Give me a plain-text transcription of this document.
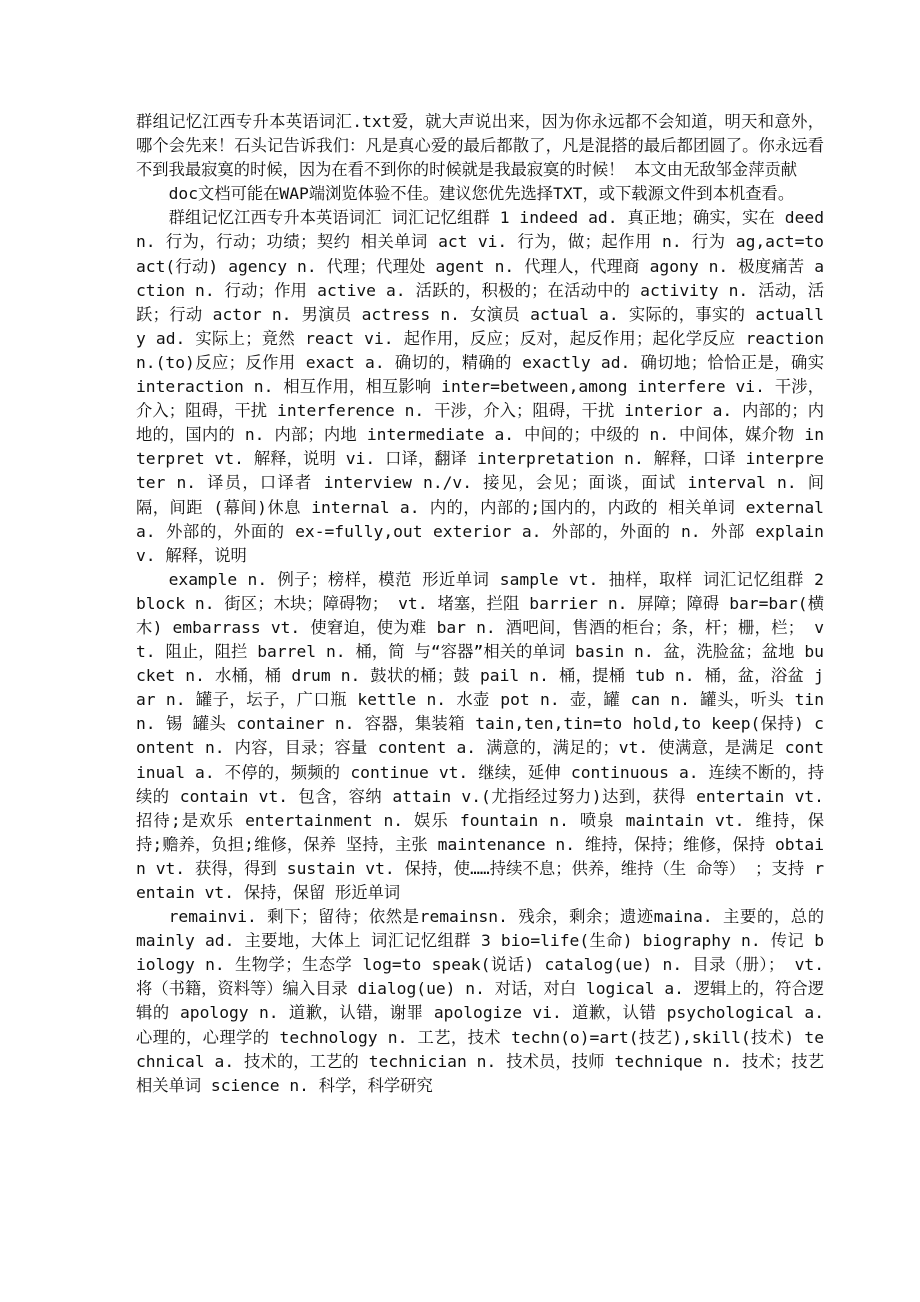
群组记忆江西专升本英语词汇.txt爱，就大声说出来，因为你永远都不会知道，明天和意外，哪个会先来！石头记告诉我们：凡是真心爱的最后都散了，凡是混搭的最后都团圆了。你永远看不到我最寂寞的时候，因为在看不到你的时候就是我最寂寞的时候！ 本文由无敌邹金萍贡献

doc文档可能在WAP端浏览体验不佳。建议您优先选择TXT，或下载源文件到本机查看。

群组记忆江西专升本英语词汇 词汇记忆组群 1 indeed ad. 真正地；确实，实在 deed n. 行为，行动；功绩；契约 相关单词 act vi. 行为，做；起作用 n. 行为 ag,act=to act(行动) agency n. 代理；代理处 agent n. 代理人，代理商 agony n. 极度痛苦 action n. 行动；作用 active a. 活跃的，积极的；在活动中的 activity n. 活动，活跃；行动 actor n. 男演员 actress n. 女演员 actual a. 实际的，事实的 actually ad. 实际上；竟然 react vi. 起作用，反应；反对，起反作用；起化学反应 reaction n.(to)反应；反作用 exact a. 确切的，精确的 exactly ad. 确切地；恰恰正是，确实 interaction n. 相互作用，相互影响 inter=between,among interfere vi. 干涉，介入；阻碍，干扰 interference n. 干涉，介入；阻碍，干扰 interior a. 内部的；内地的，国内的 n. 内部；内地 intermediate a. 中间的；中级的 n. 中间体，媒介物 interpret vt. 解释，说明 vi. 口译，翻译 interpretation n. 解释，口译 interpreter n. 译员，口译者 interview n./v. 接见，会见；面谈，面试 interval n. 间隔，间距 (幕间)休息 internal a. 内的，内部的;国内的，内政的 相关单词 external a. 外部的，外面的 ex-=fully,out exterior a. 外部的，外面的 n. 外部 explain v. 解释，说明

example n. 例子；榜样，模范 形近单词 sample vt. 抽样，取样 词汇记忆组群 2 block n. 街区；木块；障碍物； vt. 堵塞，拦阻 barrier n. 屏障；障碍 bar=bar(横木) embarrass vt. 使窘迫，使为难 bar n. 酒吧间，售酒的柜台；条，杆；栅，栏； vt. 阻止，阻拦 barrel n. 桶，简 与“容器”相关的单词 basin n. 盆，洗脸盆；盆地 bucket n. 水桶，桶 drum n. 鼓状的桶；鼓 pail n. 桶，提桶 tub n. 桶，盆，浴盆 jar n. 罐子，坛子，广口瓶 kettle n. 水壶 pot n. 壶，罐 can n. 罐头，听头 tin n. 锡 罐头 container n. 容器，集装箱 tain,ten,tin=to hold,to keep(保持) content n. 内容，目录；容量 content a. 满意的，满足的；vt. 使满意，是满足 continual a. 不停的，频频的 continue vt. 继续，延伸 continuous a. 连续不断的，持续的 contain vt. 包含，容纳 attain v.(尤指经过努力)达到，获得 entertain vt. 招待;是欢乐 entertainment n. 娱乐 fountain n. 喷泉 maintain vt. 维持，保持;赡养，负担;维修，保养 坚持，主张 maintenance n. 维持，保持；维修，保持 obtain vt. 获得，得到 sustain vt. 保持，使……持续不息；供养，维持（生 命等） ；支持 rentain vt. 保持，保留 形近单词

remainvi. 剩下；留待；依然是remainsn. 残余，剩余；遗迹maina. 主要的，总的 mainly ad. 主要地，大体上 词汇记忆组群 3 bio=life(生命) biography n. 传记 biology n. 生物学；生态学 log=to speak(说话) catalog(ue) n. 目录（册）； vt. 将（书籍，资料等）编入目录 dialog(ue) n. 对话，对白 logical a. 逻辑上的，符合逻辑的 apology n. 道歉，认错，谢罪 apologize vi. 道歉，认错 psychological a. 心理的，心理学的 technology n. 工艺，技术 techn(o)=art(技艺),skill(技术) technical a. 技术的，工艺的 technician n. 技术员，技师 technique n. 技术；技艺 相关单词 science n. 科学，科学研究
